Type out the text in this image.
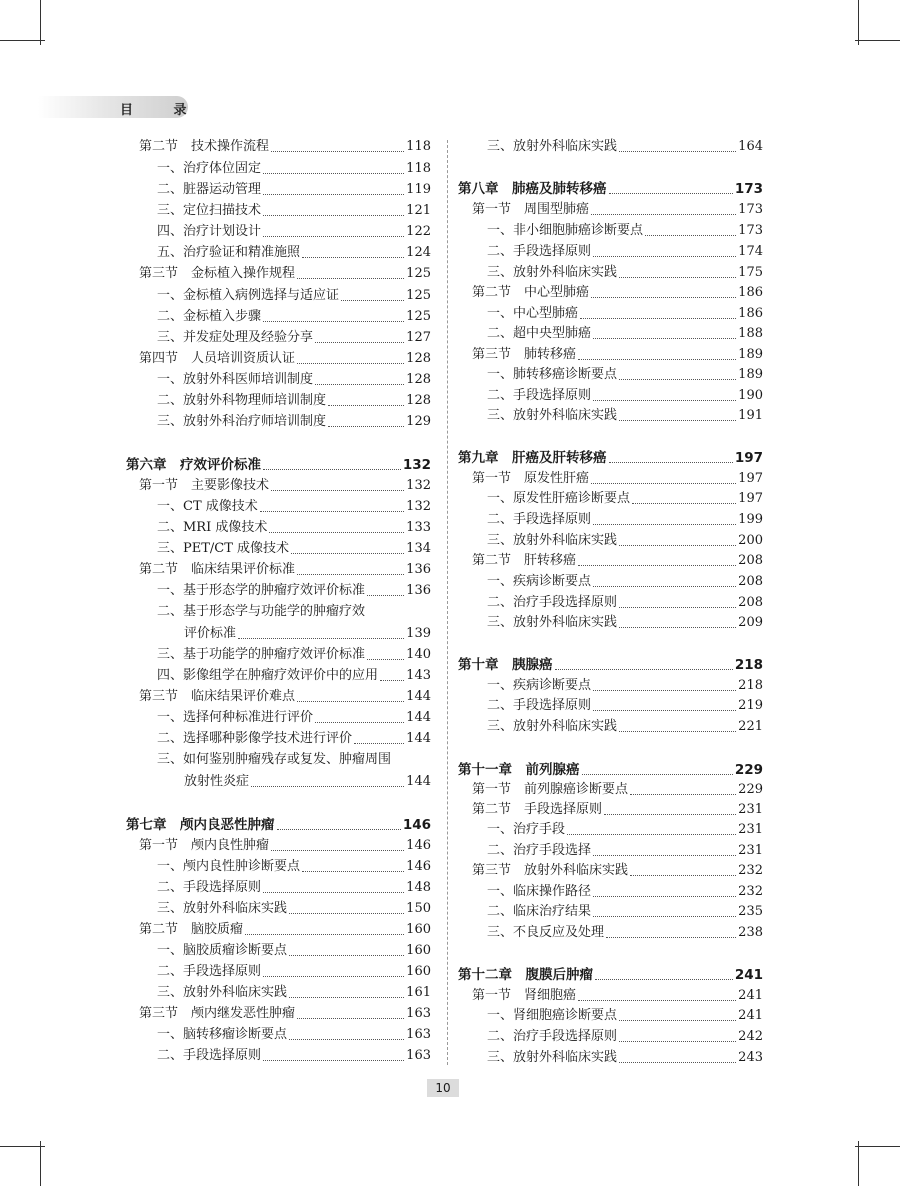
目 录
第二节　技术操作流程	118
一、治疗体位固定	118
二、脏器运动管理	119
三、定位扫描技术	121
四、治疗计划设计	122
五、治疗验证和精准施照	124
第三节　金标植入操作规程	125
一、金标植入病例选择与适应证	125
二、金标植入步骤	125
三、并发症处理及经验分享	127
第四节　人员培训资质认证	128
一、放射外科医师培训制度	128
二、放射外科物理师培训制度	128
三、放射外科治疗师培训制度	129
第六章　疗效评价标准	132
第一节　主要影像技术	132
一、CT 成像技术	132
二、MRI 成像技术	133
三、PET/CT 成像技术	134
第二节　临床结果评价标准	136
一、基于形态学的肿瘤疗效评价标准	136
二、基于形态学与功能学的肿瘤疗效
评价标准	139
三、基于功能学的肿瘤疗效评价标准	140
四、影像组学在肿瘤疗效评价中的应用 143
第三节　临床结果评价难点	144
一、选择何种标准进行评价	144
二、选择哪种影像学技术进行评价	144
三、如何鉴别肿瘤残存或复发、肿瘤周围
放射性炎症	144
第七章　颅内良恶性肿瘤	146
第一节　颅内良性肿瘤	146
一、颅内良性肿诊断要点	146
二、手段选择原则	148
三、放射外科临床实践	150
第二节　脑胶质瘤	160
一、脑胶质瘤诊断要点	160
二、手段选择原则	160
三、放射外科临床实践	161
第三节　颅内继发恶性肿瘤	163
一、脑转移瘤诊断要点	163
二、手段选择原则	163
三、放射外科临床实践	164
第八章　肺癌及肺转移癌	173
第一节　周围型肺癌	173
一、非小细胞肺癌诊断要点	173
二、手段选择原则	174
三、放射外科临床实践	175
第二节　中心型肺癌	186
一、中心型肺癌	186
二、超中央型肺癌	188
第三节　肺转移癌	189
一、肺转移癌诊断要点	189
二、手段选择原则	190
三、放射外科临床实践	191
第九章　肝癌及肝转移癌	197
第一节　原发性肝癌	197
一、原发性肝癌诊断要点	197
二、手段选择原则	199
三、放射外科临床实践	200
第二节　肝转移癌	208
一、疾病诊断要点	208
二、治疗手段选择原则	208
三、放射外科临床实践	209
第十章　胰腺癌	218
一、疾病诊断要点	218
二、手段选择原则	219
三、放射外科临床实践	221
第十一章　前列腺癌	229
第一节　前列腺癌诊断要点	229
第二节　手段选择原则	231
一、治疗手段	231
二、治疗手段选择	231
第三节　放射外科临床实践	232
一、临床操作路径	232
二、临床治疗结果	235
三、不良反应及处理	238
第十二章　腹膜后肿瘤	241
第一节　肾细胞癌	241
一、肾细胞癌诊断要点	241
二、治疗手段选择原则	242
三、放射外科临床实践	243
10
